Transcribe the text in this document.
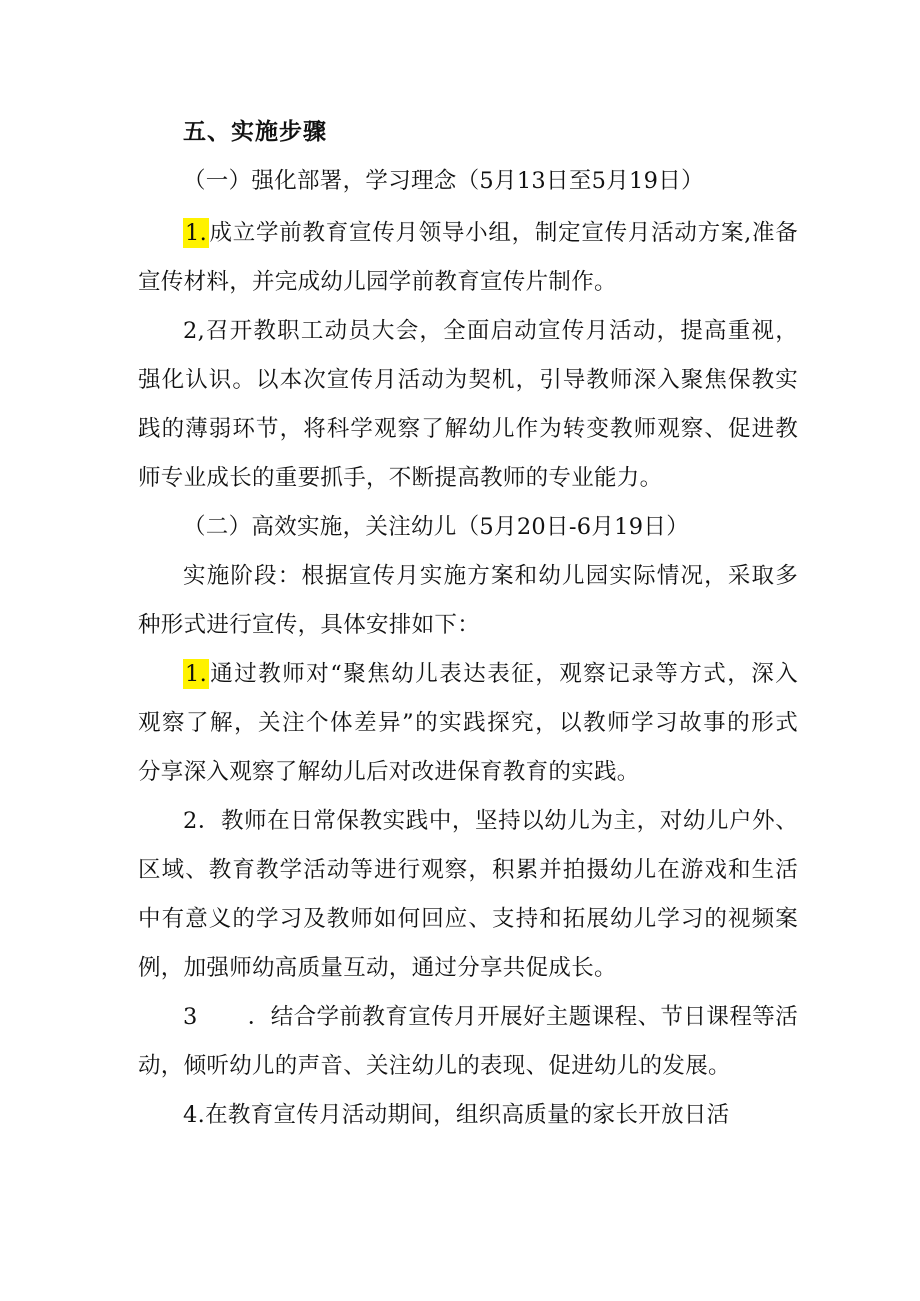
五、实施步骤
（一）强化部署，学习理念（5月13日至5月19日）
1.成立学前教育宣传月领导小组，制定宣传月活动方案,准备
宣传材料，并完成幼儿园学前教育宣传片制作。
2,召开教职工动员大会，全面启动宣传月活动，提高重视，
强化认识。以本次宣传月活动为契机，引导教师深入聚焦保教实
践的薄弱环节，将科学观察了解幼儿作为转变教师观察、促进教
师专业成长的重要抓手，不断提高教师的专业能力。
（二）高效实施，关注幼儿（5月20日-6月19日）
实施阶段：根据宣传月实施方案和幼儿园实际情况，采取多
种形式进行宣传，具体安排如下：
1.通过教师对“聚焦幼儿表达表征，观察记录等方式，深入
观察了解，关注个体差异”的实践探究，以教师学习故事的形式
分享深入观察了解幼儿后对改进保育教育的实践。
2．教师在日常保教实践中，坚持以幼儿为主，对幼儿户外、
区域、教育教学活动等进行观察，积累并拍摄幼儿在游戏和生活
中有意义的学习及教师如何回应、支持和拓展幼儿学习的视频案
例，加强师幼高质量互动，通过分享共促成长。
3 ．结合学前教育宣传月开展好主题课程、节日课程等活
动，倾听幼儿的声音、关注幼儿的表现、促进幼儿的发展。
4.在教育宣传月活动期间，组织高质量的家长开放日活
